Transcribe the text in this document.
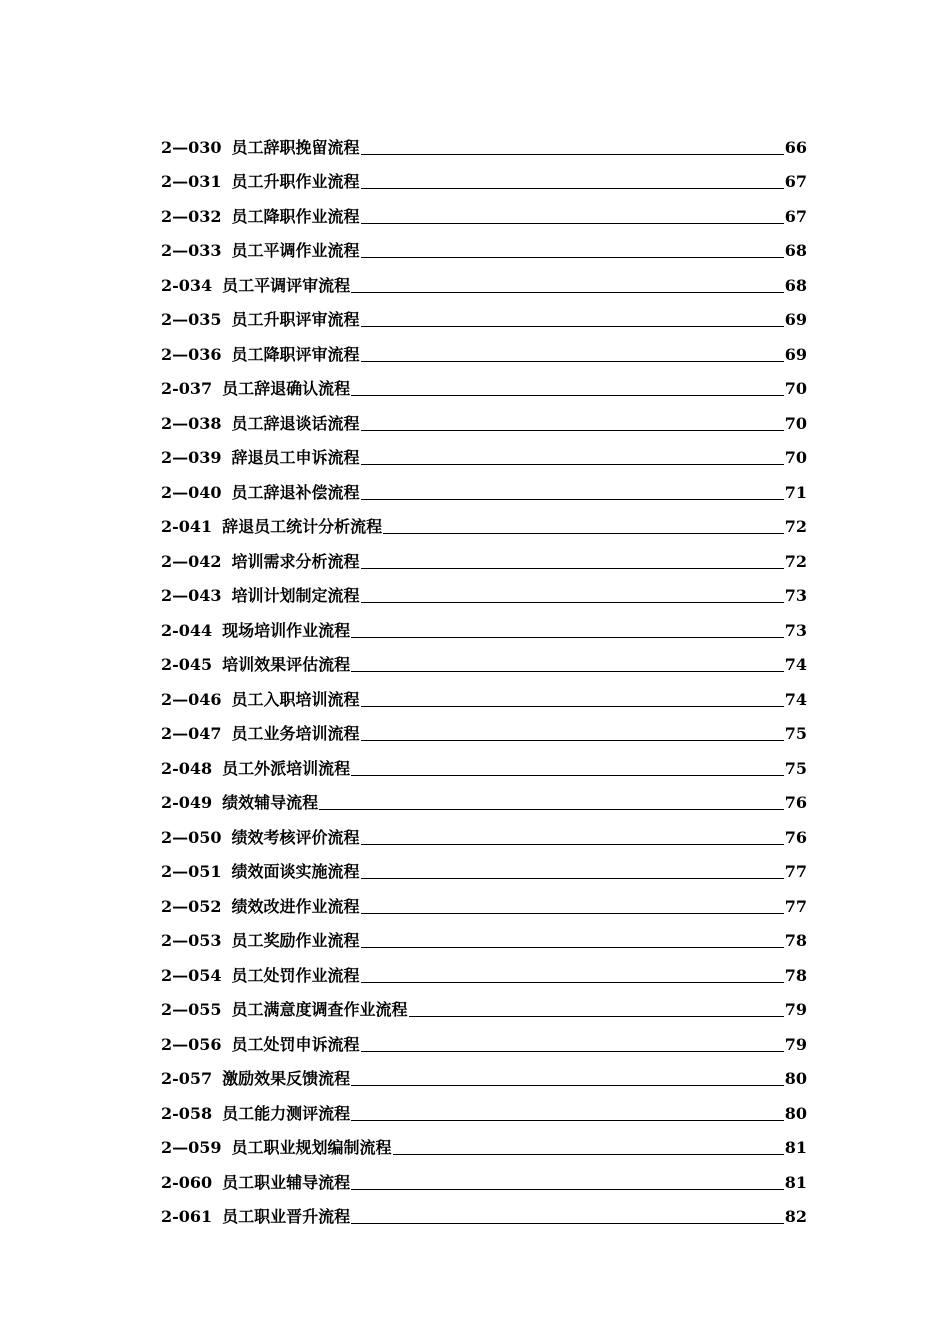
2—030 员工辞职挽留流程	66
2—031 员工升职作业流程	67
2—032 员工降职作业流程	67
2—033 员工平调作业流程	68
2-034 员工平调评审流程	68
2—035 员工升职评审流程	69
2—036 员工降职评审流程	69
2-037 员工辞退确认流程	70
2—038 员工辞退谈话流程	70
2—039 辞退员工申诉流程	70
2—040 员工辞退补偿流程	71
2-041 辞退员工统计分析流程	72
2—042 培训需求分析流程	72
2—043 培训计划制定流程	73
2-044 现场培训作业流程	73
2-045 培训效果评估流程	74
2—046 员工入职培训流程	74
2—047 员工业务培训流程	75
2-048 员工外派培训流程	75
2-049 绩效辅导流程	76
2—050 绩效考核评价流程	76
2—051 绩效面谈实施流程	77
2—052 绩效改进作业流程	77
2—053 员工奖励作业流程	78
2—054 员工处罚作业流程	78
2—055 员工满意度调查作业流程	79
2—056 员工处罚申诉流程	79
2-057 激励效果反馈流程	80
2-058 员工能力测评流程	80
2—059 员工职业规划编制流程	81
2-060 员工职业辅导流程	81
2-061 员工职业晋升流程	82
